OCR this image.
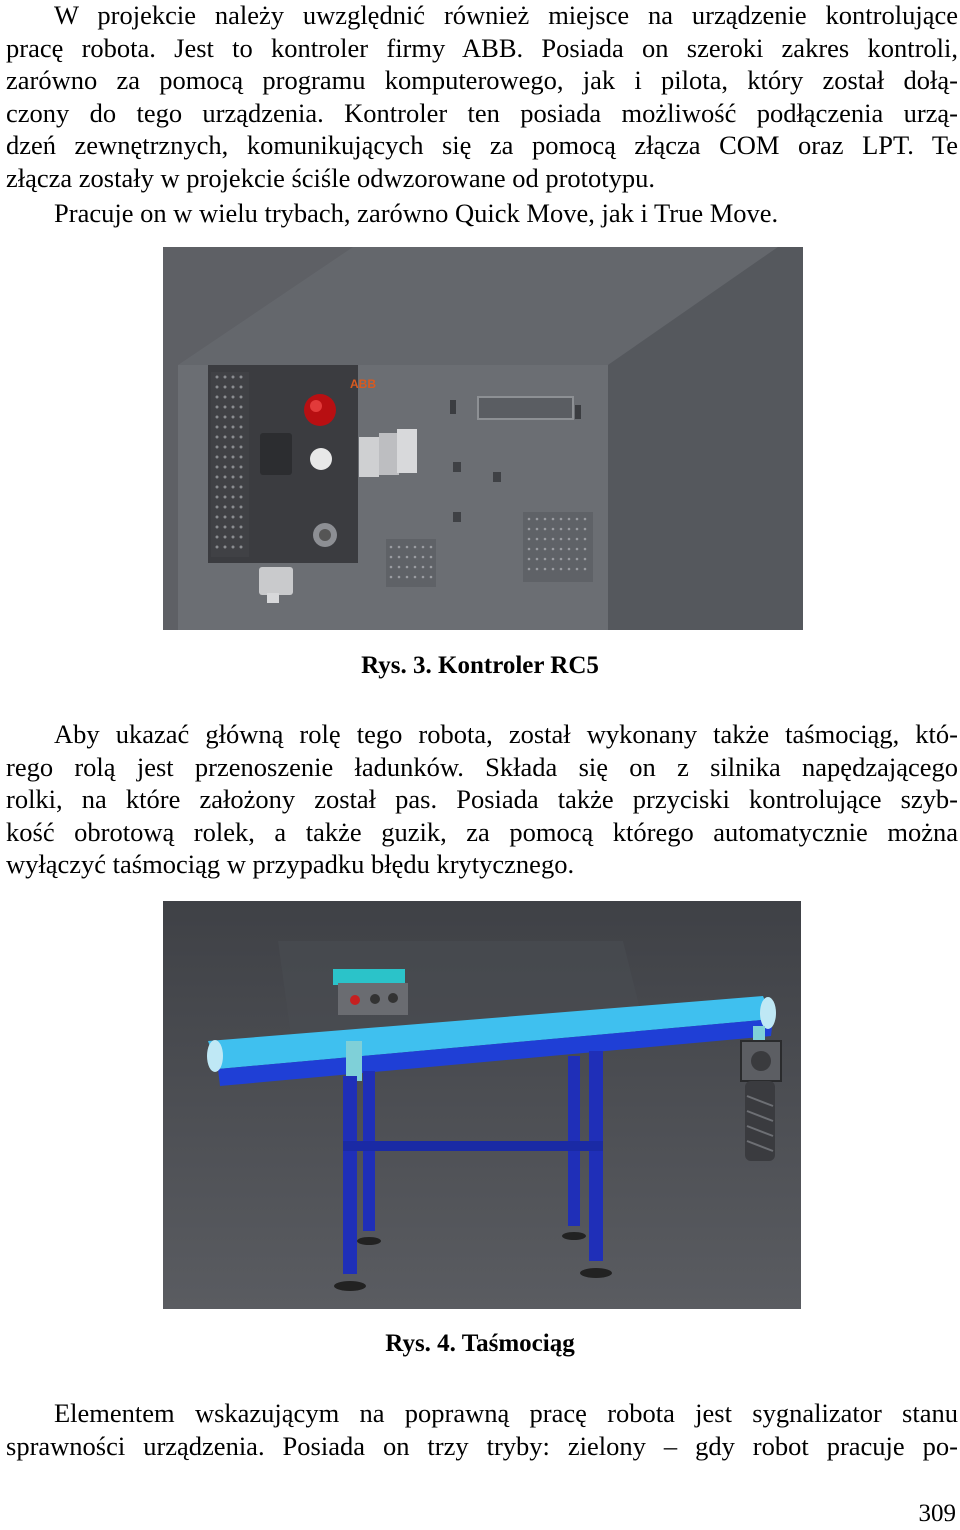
W projekcie należy uwzględnić również miejsce na urządzenie kontrolujące
pracę robota. Jest to kontroler firmy ABB. Posiada on szeroki zakres kontroli,
zarówno za pomocą programu komputerowego, jak i pilota, który został dołą-
czony do tego urządzenia. Kontroler ten posiada możliwość podłączenia urzą-
dzeń zewnętrznych, komunikujących się za pomocą złącza COM oraz LPT. Te
złącza zostały w projekcie ściśle odwzorowane od prototypu.
Pracuje on w wielu trybach, zarówno Quick Move, jak i True Move.
ABB
Rys. 3. Kontroler RC5
Aby ukazać główną rolę tego robota, został wykonany także taśmociąg, któ-
rego rolą jest przenoszenie ładunków. Składa się on z silnika napędzającego
rolki, na które założony został pas. Posiada także przyciski kontrolujące szyb-
kość obrotową rolek, a także guzik, za pomocą którego automatycznie można
wyłączyć taśmociąg w przypadku błędu krytycznego.
Rys. 4. Taśmociąg
Elementem wskazującym na poprawną pracę robota jest sygnalizator stanu
sprawności urządzenia. Posiada on trzy tryby: zielony – gdy robot pracuje po-
309
